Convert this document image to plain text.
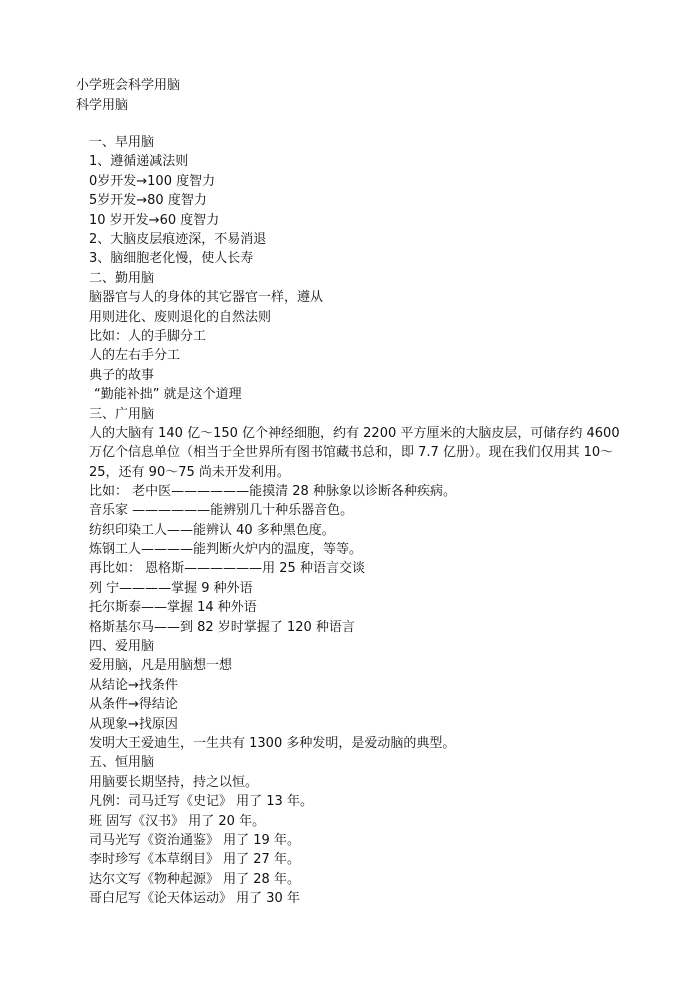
小学班会科学用脑
科学用脑
一、早用脑
1、遵循递减法则
0岁开发→100 度智力
5岁开发→80 度智力
10 岁开发→60 度智力
2、大脑皮层痕迹深，不易消退
3、脑细胞老化慢，使人长寿
二、勤用脑
脑器官与人的身体的其它器官一样，遵从
用则进化、废则退化的自然法则
比如：人的手脚分工
人的左右手分工
典子的故事
“勤能补拙” 就是这个道理
三、广用脑
人的大脑有 140 亿～150 亿个神经细胞，约有 2200 平方厘米的大脑皮层，可储存约 4600 万亿个信息单位（相当于全世界所有图书馆藏书总和，即 7.7 亿册）。现在我们仅用其 10～25，还有 90～75 尚未开发利用。
比如： 老中医——————能摸清 28 种脉象以诊断各种疾病。
音乐家 ——————能辨别几十种乐器音色。
纺织印染工人——能辨认 40 多种黑色度。
炼钢工人————能判断火炉内的温度，等等。
再比如： 恩格斯——————用 25 种语言交谈
列 宁————掌握 9 种外语
托尔斯泰——掌握 14 种外语
格斯基尔马——到 82 岁时掌握了 120 种语言
四、爱用脑
爱用脑，凡是用脑想一想
从结论→找条件
从条件→得结论
从现象→找原因
发明大王爱迪生，一生共有 1300 多种发明，是爱动脑的典型。
五、恒用脑
用脑要长期坚持，持之以恒。
凡例：司马迁写《史记》 用了 13 年。
班 固写《汉书》 用了 20 年。
司马光写《资治通鉴》 用了 19 年。
李时珍写《本草纲目》 用了 27 年。
达尔文写《物种起源》 用了 28 年。
哥白尼写《论天体运动》 用了 30 年
